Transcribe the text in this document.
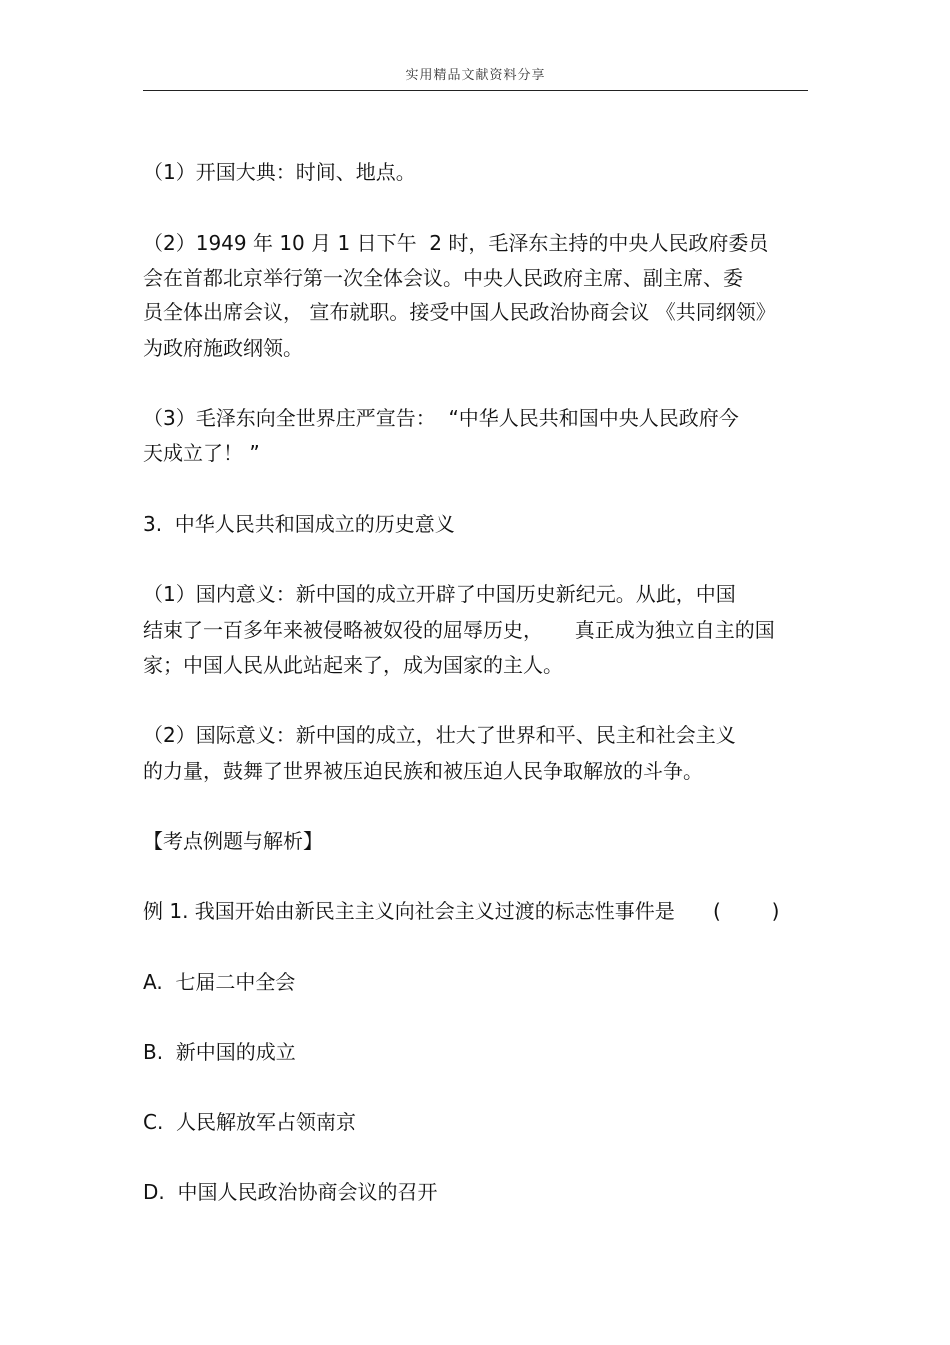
实用精品文献资料分享
（1）开国大典：时间、地点。
（2）1949 年 10 月 1 日下午  2 时，毛泽东主持的中央人民政府委员
会在首都北京举行第一次全体会议。中央人民政府主席、副主席、委
员全体出席会议， 宣布就职。接受中国人民政治协商会议 《共同纲领》
为政府施政纲领。
（3）毛泽东向全世界庄严宣告：  “中华人民共和国中央人民政府今
天成立了！ ”
3.  中华人民共和国成立的历史意义
（1）国内意义：新中国的成立开辟了中国历史新纪元。从此，中国
结束了一百多年来被侵略被奴役的屈辱历史，     真正成为独立自主的国
家；中国人民从此站起来了，成为国家的主人。
（2）国际意义：新中国的成立，壮大了世界和平、民主和社会主义
的力量，鼓舞了世界被压迫民族和被压迫人民争取解放的斗争。
【考点例题与解析】
例 1. 我国开始由新民主主义向社会主义过渡的标志性事件是      (        )
A.  七届二中全会
B.  新中国的成立
C.  人民解放军占领南京
D.  中国人民政治协商会议的召开
